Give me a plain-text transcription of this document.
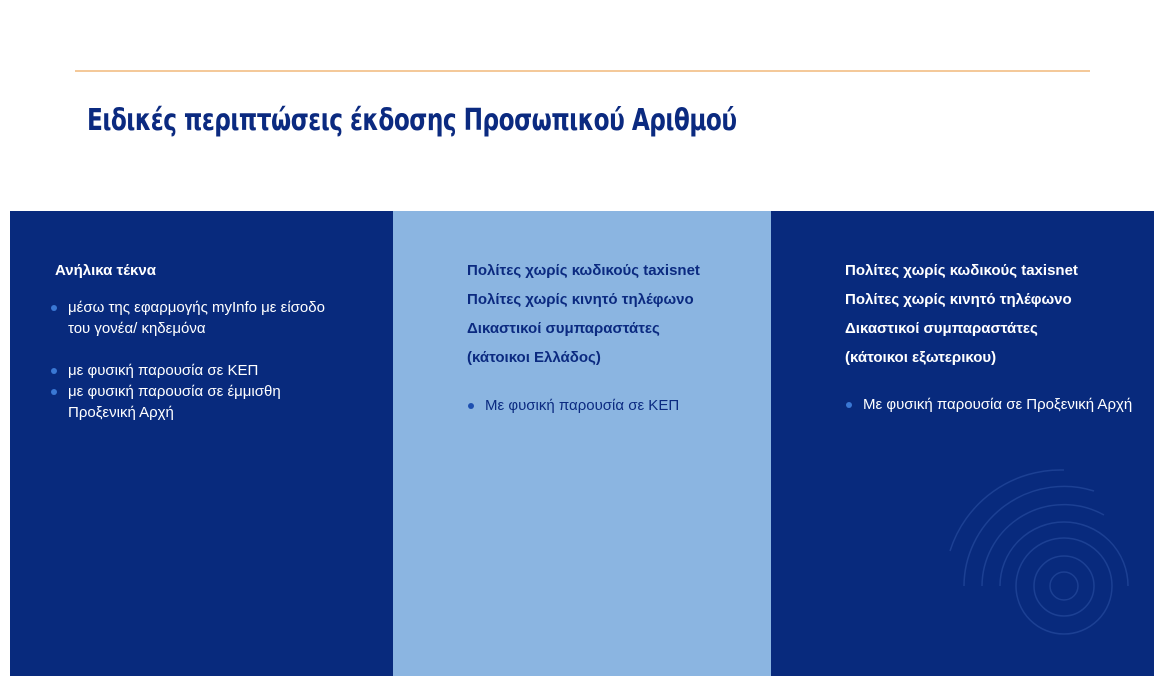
Ειδικές περιπτώσεις έκδοσης Προσωπικού Αριθμού
Ανήλικα τέκνα
μέσω της εφαρμογής myInfo με είσοδο του γονέα/ κηδεμόνα
με φυσική παρουσία σε ΚΕΠ
με φυσική παρουσία σε έμμισθη Προξενική Αρχή
Πολίτες χωρίς κωδικούς taxisnet
Πολίτες χωρίς κινητό τηλέφωνο
Δικαστικοί συμπαραστάτες
(κάτοικοι Ελλάδος)
Με φυσική παρουσία σε ΚΕΠ
Πολίτες χωρίς κωδικούς taxisnet
Πολίτες χωρίς κινητό τηλέφωνο
Δικαστικοί συμπαραστάτες
(κάτοικοι εξωτερικου)
Με φυσική παρουσία σε Προξενική Αρχή
